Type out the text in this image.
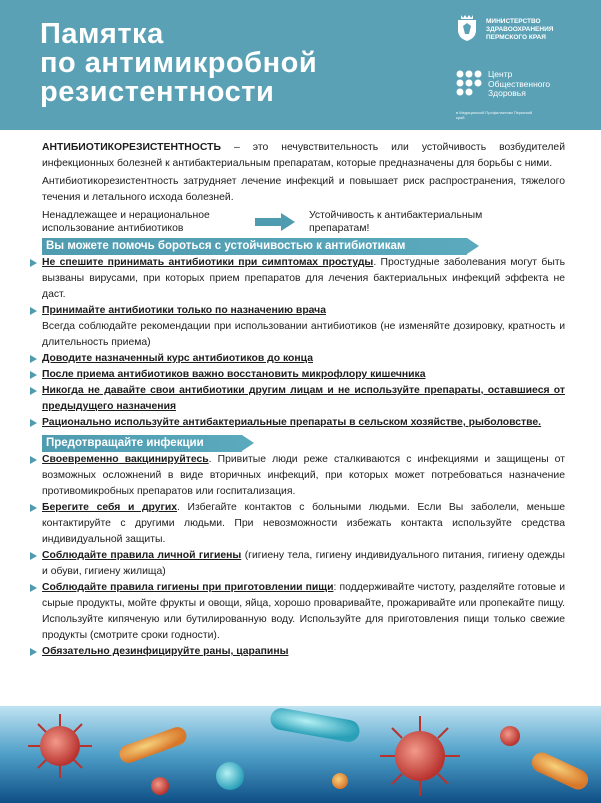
Памятка
по антимикробной
резистентности
МИНИСТЕРСТВО
ЗДРАВООХРАНЕНИЯ
ПЕРМСКОГО КРАЯ
Центр
Общественного
Здоровья
в Медицинской Профилактики Пермский край

АНТИБИОТИКОРЕЗИСТЕНТНОСТЬ – это нечувствительность или устойчивость возбудителей инфекционных болезней к антибактериальным препаратам, которые предназначены для борьбы с ними.

Антибиотикорезистентность затрудняет лечение инфекций и повышает риск распространения, тяжелого течения и летального исхода болезней.

Ненадлежащее и нерациональное использование антибиотиков
Устойчивость к антибактериальным препаратам!
Вы можете помочь бороться с устойчивостью к антибиотикам
Не спешите принимать антибиотики при симптомах простуды. Простудные заболевания могут быть вызваны вирусами, при которых прием препаратов для лечения бактериальных инфекций эффекта не даст.
Принимайте антибиотики только по назначению врача
Всегда соблюдайте рекомендации при использовании антибиотиков (не изменяйте дозировку, кратность и длительность приема)
Доводите назначенный курс антибиотиков до конца
После приема антибиотиков важно восстановить микрофлору кишечника
Никогда не давайте свои антибиотики другим лицам и не используйте препараты, оставшиеся от предыдущего назначения
Рационально используйте антибактериальные препараты в сельском хозяйстве, рыболовстве.
Предотвращайте инфекции
Своевременно вакцинируйтесь. Привитые люди реже сталкиваются с инфекциями и защищены от возможных осложнений в виде вторичных инфекций, при которых может потребоваться назначение противомикробных препаратов или госпитализация.
Берегите себя и других. Избегайте контактов с больными людьми. Если Вы заболели, меньше контактируйте с другими людьми. При невозможности избежать контакта используйте средства индивидуальной защиты.
Соблюдайте правила личной гигиены (гигиену тела, гигиену индивидуального питания, гигиену одежды и обуви, гигиену жилища)
Соблюдайте правила гигиены при приготовлении пищи: поддерживайте чистоту, разделяйте готовые и сырые продукты, мойте фрукты и овощи, яйца, хорошо проваривайте, прожаривайте или пропекайте пищу. Используйте кипяченую или бутилированную воду. Используйте для приготовления пищи только свежие продукты (смотрите сроки годности).
Обязательно дезинфицируйте раны, царапины
